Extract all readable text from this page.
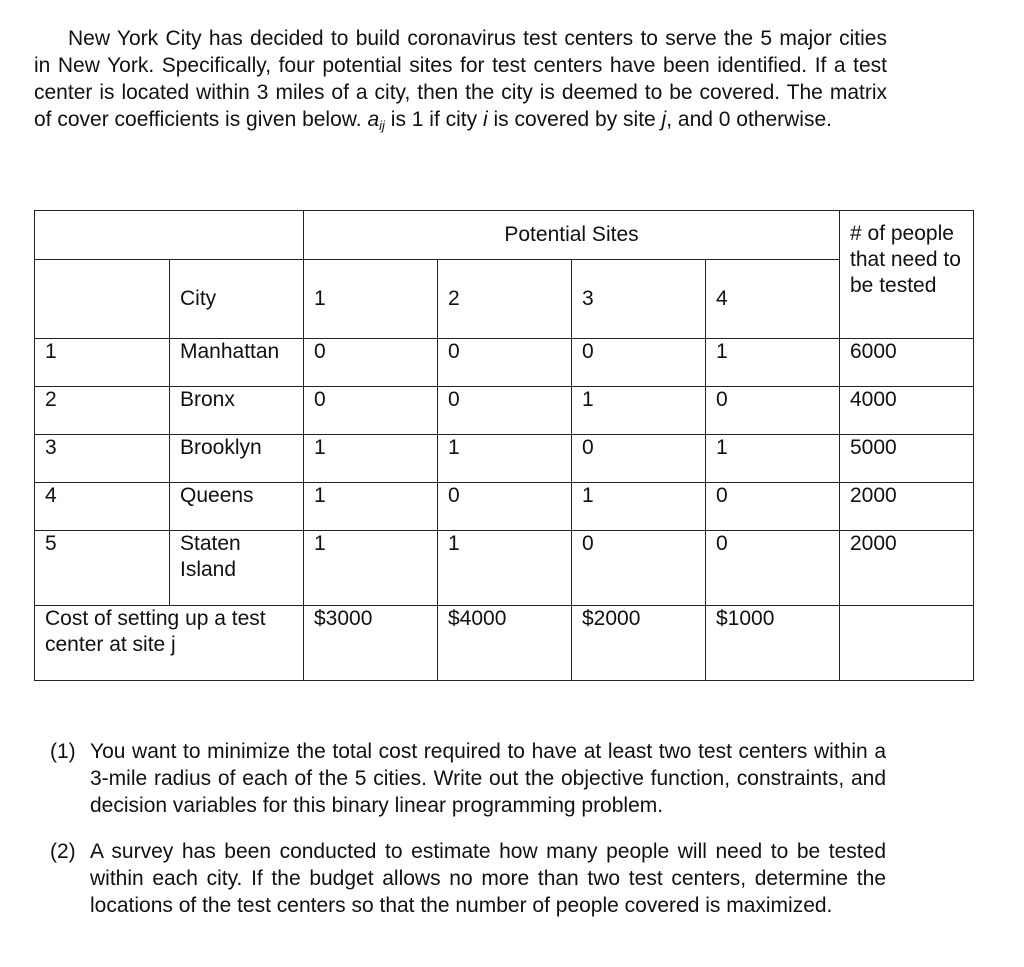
New York City has decided to build coronavirus test centers to serve the 5 major cities in New York. Specifically, four potential sites for test centers have been identified. If a test center is located within 3 miles of a city, then the city is deemed to be covered. The matrix of cover coefficients is given below. $a_{ij}$ is 1 if city i is covered by site j, and 0 otherwise.

		Potential Sites				# of people that need to be tested
	City	1	2	3	4	
1	Manhattan	0	0	0	1	6000
2	Bronx	0	0	1	0	4000
3	Brooklyn	1	1	0	1	5000
4	Queens	1	0	1	0	2000
5	Staten Island	1	1	0	0	2000
Cost of setting up a test center at site j		$3000	$4000	$2000	$1000	
(1) You want to minimize the total cost required to have at least two test centers within a 3-mile radius of each of the 5 cities. Write out the objective function, constraints, and decision variables for this binary linear programming problem.
(2) A survey has been conducted to estimate how many people will need to be tested within each city. If the budget allows no more than two test centers, determine the locations of the test centers so that the number of people covered is maximized.
